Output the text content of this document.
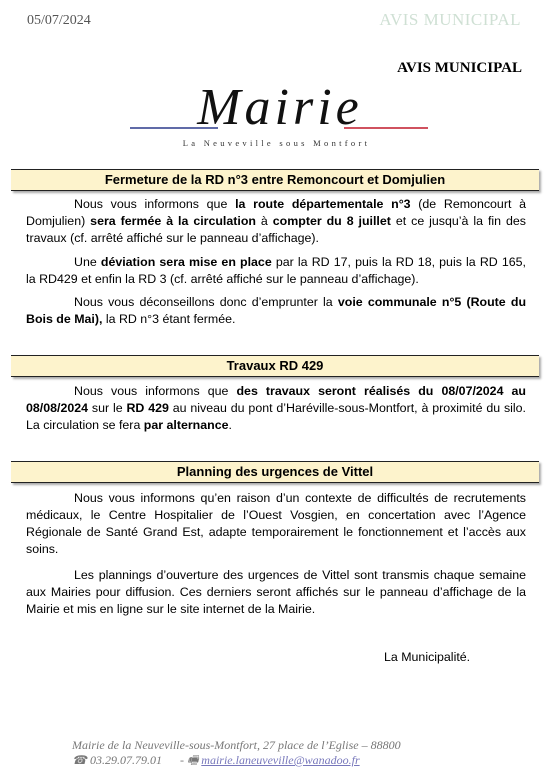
05/07/2024	AVIS MUNICIPAL
AVIS MUNICIPAL
Mairie
La Neuveville sous Montfort
Fermeture de la RD n°3 entre Remoncourt et Domjulien
Nous vous informons que la route départementale n°3 (de Remoncourt à Domjulien) sera fermée à la circulation à compter du 8 juillet et ce jusqu’à la fin des travaux (cf. arrêté affiché sur le panneau d’affichage).
Une déviation sera mise en place par la RD 17, puis la RD 18, puis la RD 165, la RD429 et enfin la RD 3 (cf. arrêté affiché sur le panneau d’affichage).
Nous vous déconseillons donc d’emprunter la voie communale n°5 (Route du Bois de Mai), la RD n°3 étant fermée.
Travaux RD 429
Nous vous informons que des travaux seront réalisés du 08/07/2024 au 08/08/2024 sur le RD 429 au niveau du pont d’Haréville-sous-Montfort, à proximité du silo. La circulation se fera par alternance.
Planning des urgences de Vittel
Nous vous informons qu’en raison d’un contexte de difficultés de recrutements médicaux, le Centre Hospitalier de l’Ouest Vosgien, en concertation avec l’Agence Régionale de Santé Grand Est, adapte temporairement le fonctionnement et l’accès aux soins.
Les plannings d’ouverture des urgences de Vittel sont transmis chaque semaine aux Mairies pour diffusion. Ces derniers seront affichés sur le panneau d’affichage de la Mairie et mis en ligne sur le site internet de la Mairie.
La Municipalité.
Mairie de la Neuveville-sous-Montfort, 27 place de l’Eglise – 88800
☎ 03.29.07.79.01 - 🖷 mairie.laneuveville@wanadoo.fr
